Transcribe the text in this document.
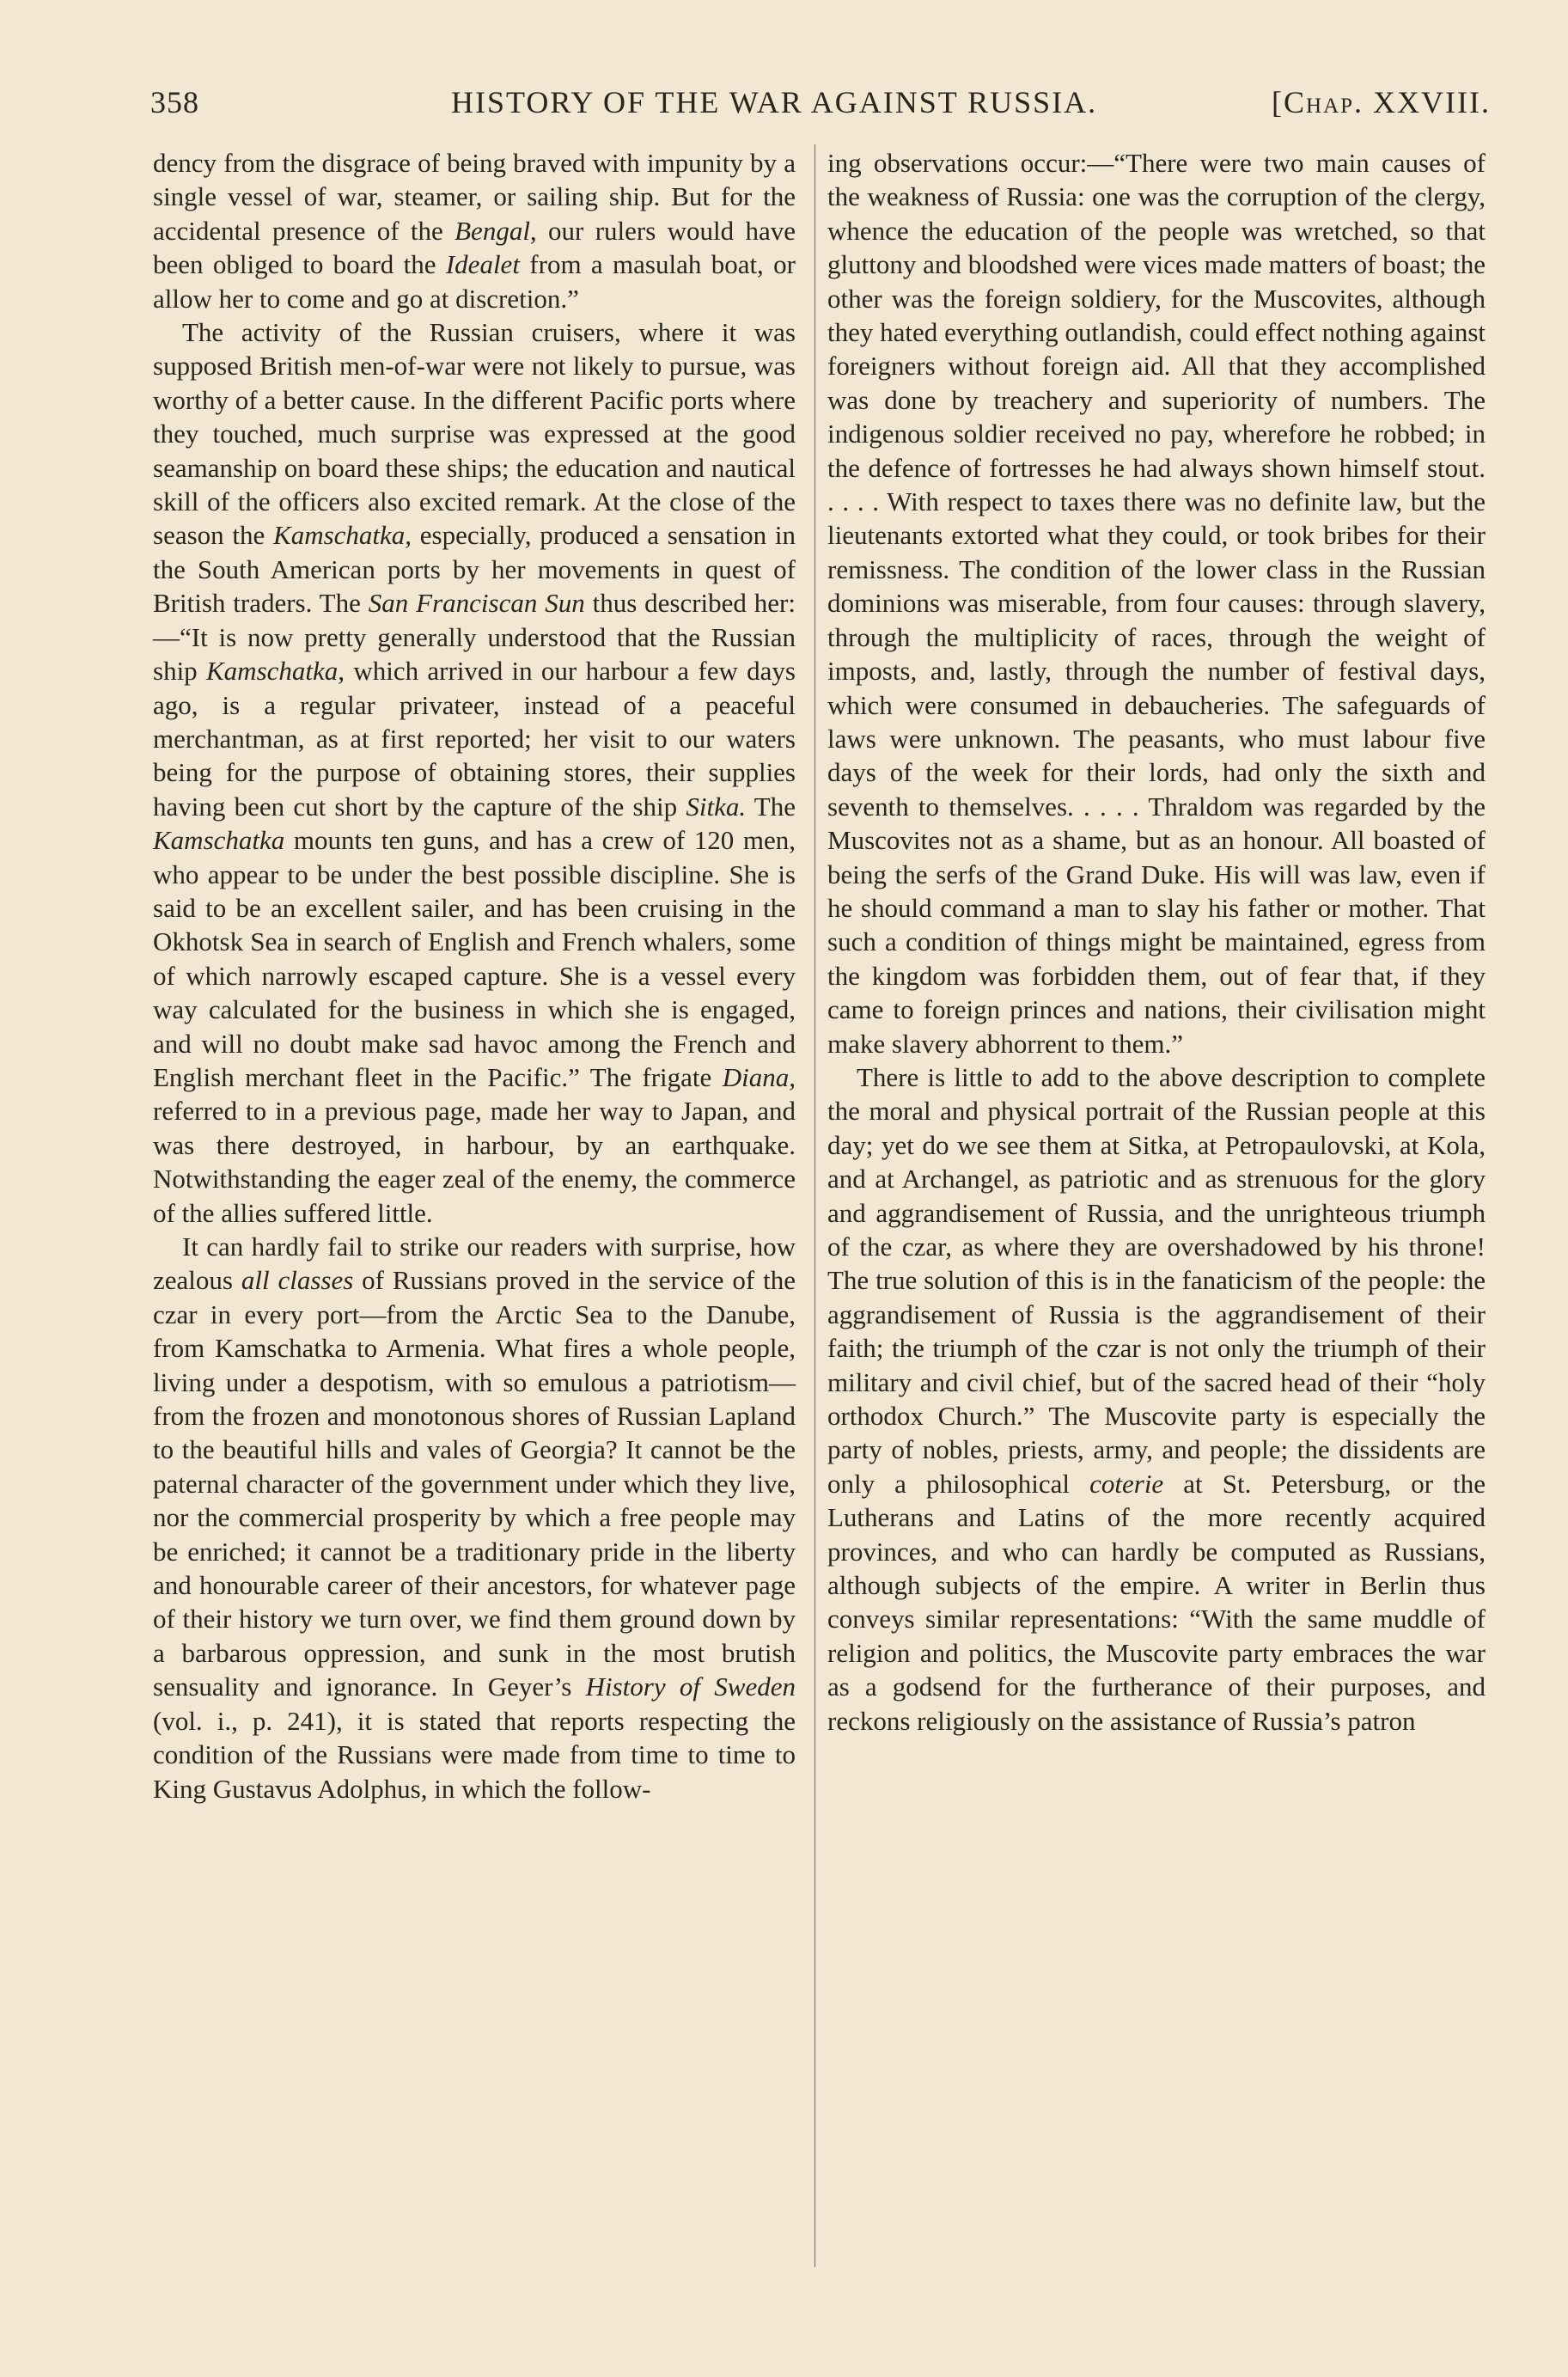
358	HISTORY OF THE WAR AGAINST RUSSIA.	[Chap. XXVIII.

dency from the disgrace of being braved with impunity by a single vessel of war, steamer, or sailing ship. But for the accidental presence of the Bengal, our rulers would have been obliged to board the Idealet from a masulah boat, or allow her to come and go at discretion.”

The activity of the Russian cruisers, where it was supposed British men-of-war were not likely to pursue, was worthy of a better cause. In the different Pacific ports where they touched, much surprise was expressed at the good seamanship on board these ships; the education and nautical skill of the officers also excited remark. At the close of the season the Kamschatka, especially, produced a sensation in the South American ports by her movements in quest of British traders. The San Franciscan Sun thus described her:—“It is now pretty generally understood that the Russian ship Kamschatka, which arrived in our harbour a few days ago, is a regular privateer, instead of a peaceful merchantman, as at first reported; her visit to our waters being for the purpose of obtaining stores, their supplies having been cut short by the capture of the ship Sitka. The Kamschatka mounts ten guns, and has a crew of 120 men, who appear to be under the best possible discipline. She is said to be an excellent sailer, and has been cruising in the Okhotsk Sea in search of English and French whalers, some of which narrowly escaped capture. She is a vessel every way calculated for the business in which she is engaged, and will no doubt make sad havoc among the French and English merchant fleet in the Pacific.” The frigate Diana, referred to in a previous page, made her way to Japan, and was there destroyed, in harbour, by an earthquake. Notwithstanding the eager zeal of the enemy, the commerce of the allies suffered little.

It can hardly fail to strike our readers with surprise, how zealous all classes of Russians proved in the service of the czar in every port—from the Arctic Sea to the Danube, from Kamschatka to Armenia. What fires a whole people, living under a despotism, with so emulous a patriotism—from the frozen and monotonous shores of Russian Lapland to the beautiful hills and vales of Georgia? It cannot be the paternal character of the government under which they live, nor the commercial prosperity by which a free people may be enriched; it cannot be a traditionary pride in the liberty and honourable career of their ancestors, for whatever page of their history we turn over, we find them ground down by a barbarous oppression, and sunk in the most brutish sensuality and ignorance. In Geyer’s History of Sweden (vol. i., p. 241), it is stated that reports respecting the condition of the Russians were made from time to time to King Gustavus Adolphus, in which the follow-

ing observations occur:—“There were two main causes of the weakness of Russia: one was the corruption of the clergy, whence the education of the people was wretched, so that gluttony and bloodshed were vices made matters of boast; the other was the foreign soldiery, for the Muscovites, although they hated everything outlandish, could effect nothing against foreigners without foreign aid. All that they accomplished was done by treachery and superiority of numbers. The indigenous soldier received no pay, wherefore he robbed; in the defence of fortresses he had always shown himself stout. . . . . With respect to taxes there was no definite law, but the lieutenants extorted what they could, or took bribes for their remissness. The condition of the lower class in the Russian dominions was miserable, from four causes: through slavery, through the multiplicity of races, through the weight of imposts, and, lastly, through the number of festival days, which were consumed in debaucheries. The safeguards of laws were unknown. The peasants, who must labour five days of the week for their lords, had only the sixth and seventh to themselves. . . . . Thraldom was regarded by the Muscovites not as a shame, but as an honour. All boasted of being the serfs of the Grand Duke. His will was law, even if he should command a man to slay his father or mother. That such a condition of things might be maintained, egress from the kingdom was forbidden them, out of fear that, if they came to foreign princes and nations, their civilisation might make slavery abhorrent to them.”

There is little to add to the above description to complete the moral and physical portrait of the Russian people at this day; yet do we see them at Sitka, at Petropaulovski, at Kola, and at Archangel, as patriotic and as strenuous for the glory and aggrandisement of Russia, and the unrighteous triumph of the czar, as where they are overshadowed by his throne! The true solution of this is in the fanaticism of the people: the aggrandisement of Russia is the aggrandisement of their faith; the triumph of the czar is not only the triumph of their military and civil chief, but of the sacred head of their “holy orthodox Church.” The Muscovite party is especially the party of nobles, priests, army, and people; the dissidents are only a philosophical coterie at St. Petersburg, or the Lutherans and Latins of the more recently acquired provinces, and who can hardly be computed as Russians, although subjects of the empire. A writer in Berlin thus conveys similar representations: “With the same muddle of religion and politics, the Muscovite party embraces the war as a godsend for the furtherance of their purposes, and reckons religiously on the assistance of Russia’s patron
